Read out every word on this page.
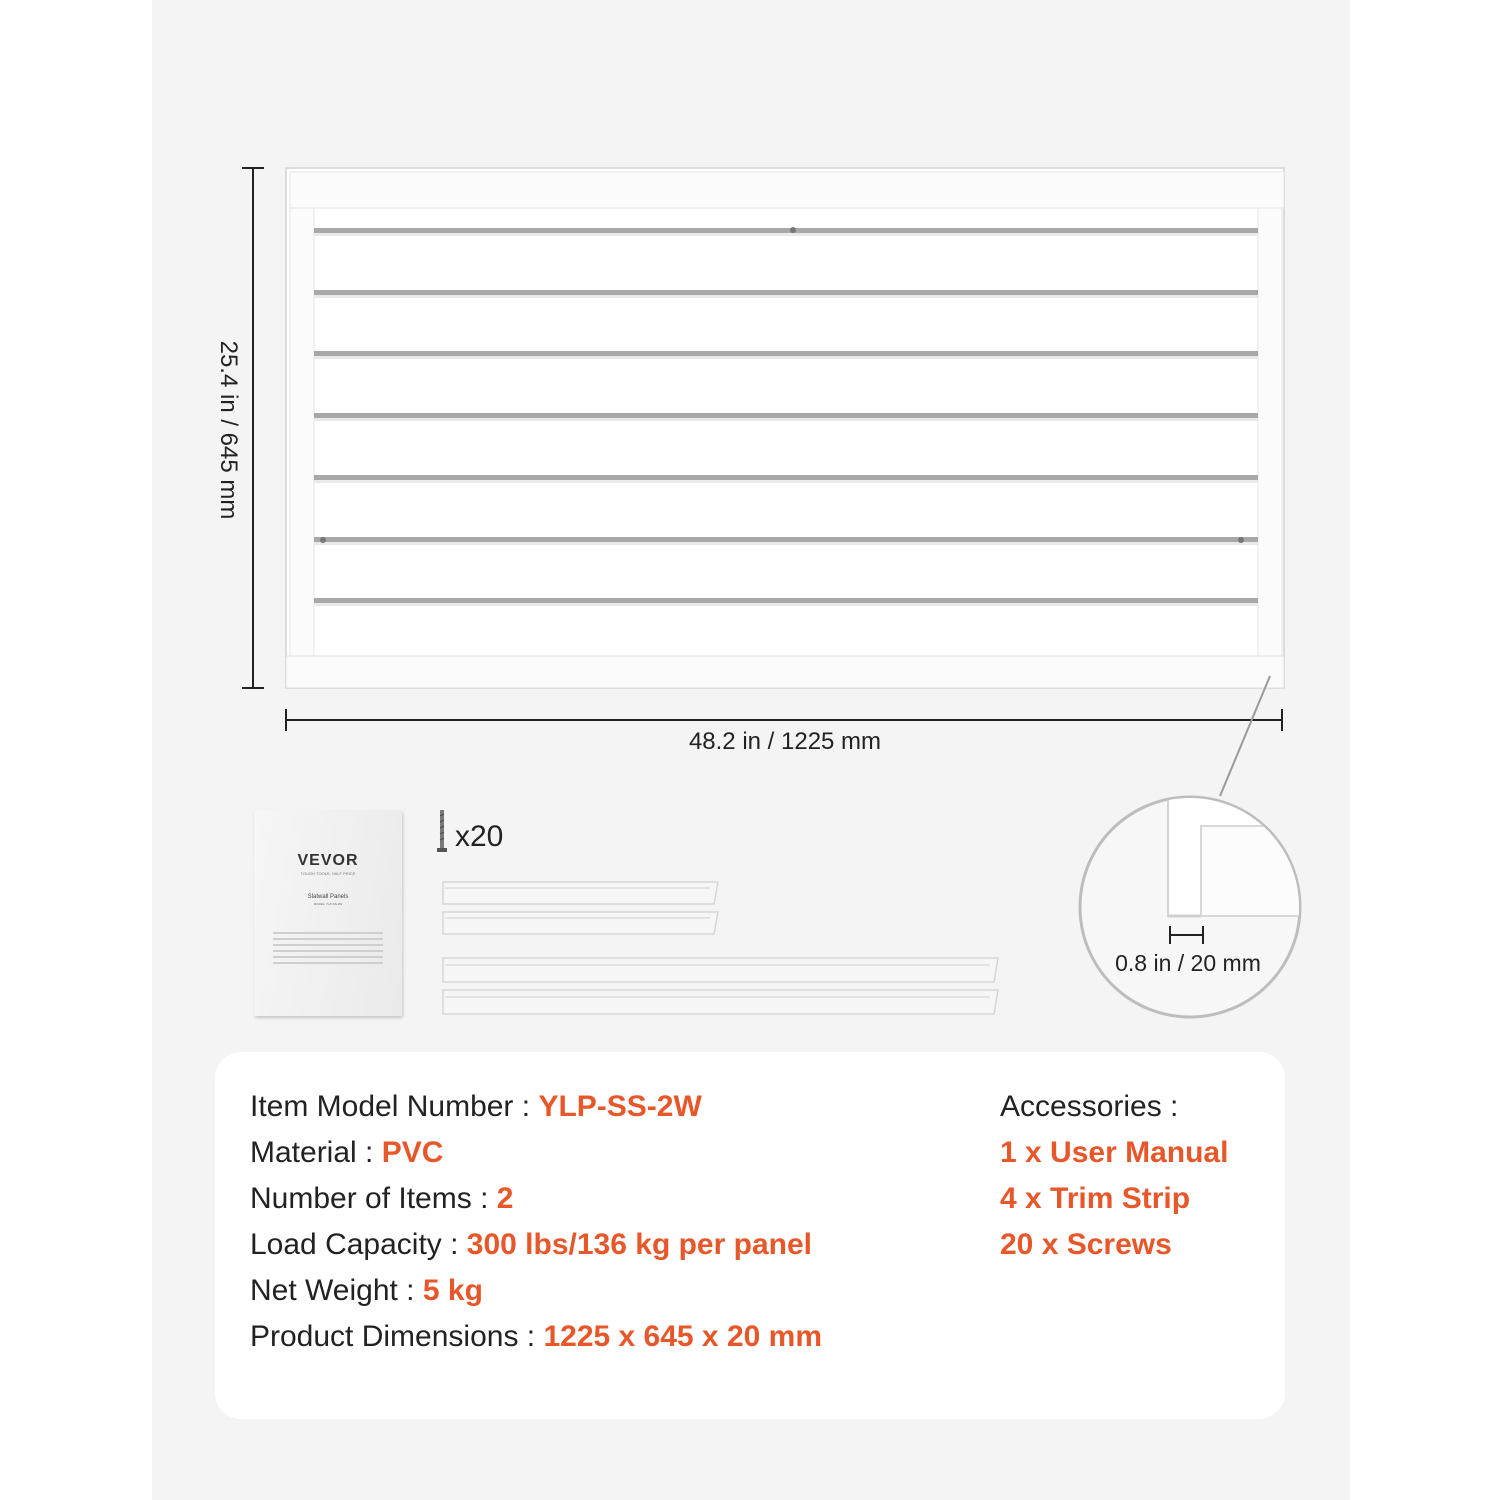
48.2 in / 1225 mm
25.4 in / 645 mm
0.8 in / 20 mm
x20
VEVOR
TOUGH TOOLS, HALF PRICE
Slatwall Panels
MODEL: YLP-SS-2W
Item Model Number : YLP-SS-2W
Material : PVC
Number of Items : 2
Load Capacity : 300 lbs/136 kg per panel
Net Weight : 5 kg
Product Dimensions : 1225 x 645 x 20 mm
Accessories :
1 x User Manual
4 x Trim Strip
20 x Screws
